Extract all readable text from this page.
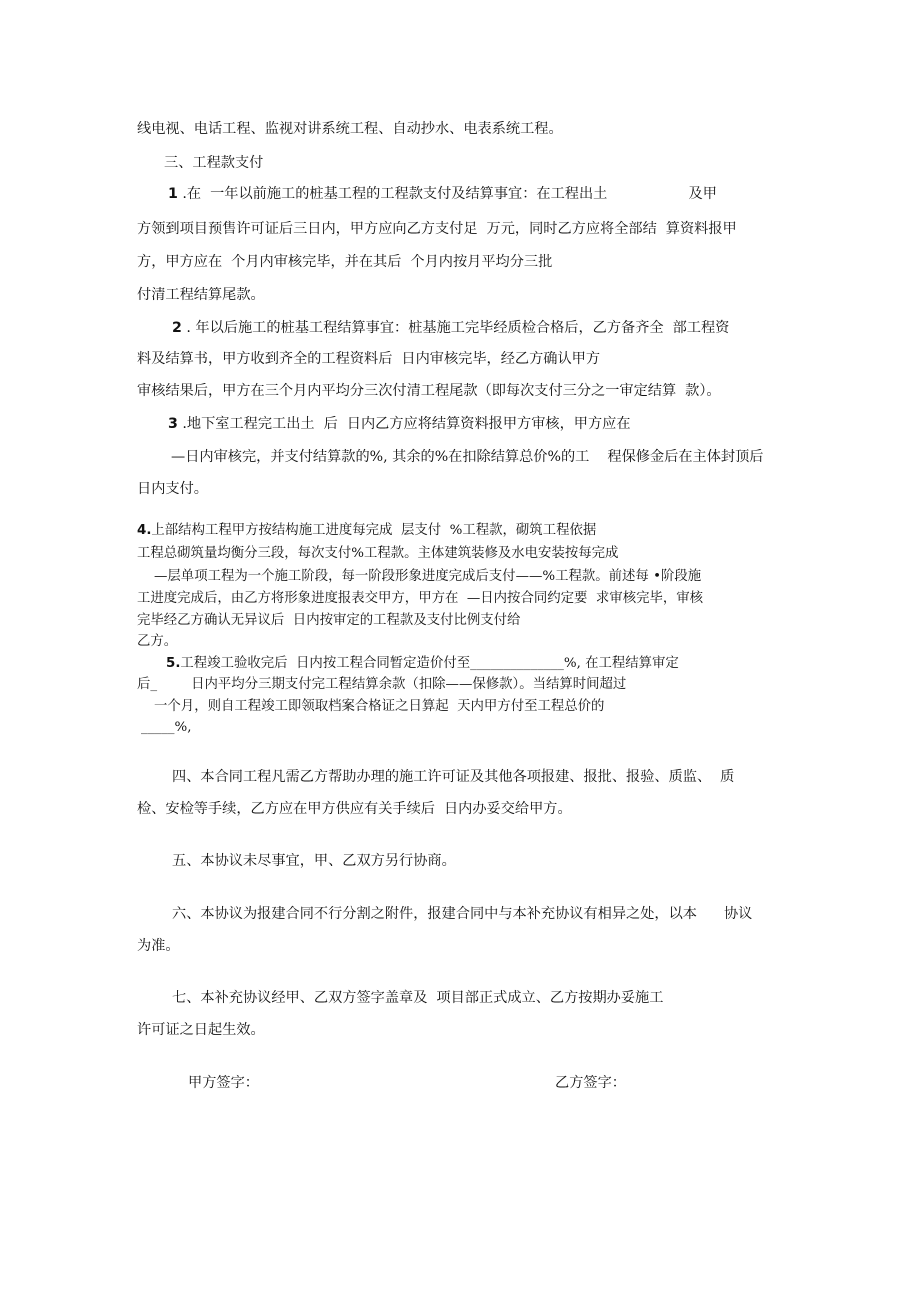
线电视、电话工程、监视对讲系统工程、自动抄水、电表系统工程。
三、工程款支付
1 .在  一年以前施工的桩基工程的工程款支付及结算事宜：在工程出土                  及甲
方领到项目预售许可证后三日内，甲方应向乙方支付足  万元，同时乙方应将全部结  算资料报甲
方，甲方应在  个月内审核完毕，并在其后  个月内按月平均分三批
付清工程结算尾款。
2 . 年以后施工的桩基工程结算事宜：桩基施工完毕经质检合格后，乙方备齐全  部工程资
料及结算书，甲方收到齐全的工程资料后  日内审核完毕，经乙方确认甲方
审核结果后，甲方在三个月内平均分三次付清工程尾款（即每次支付三分之一审定结算  款）。
3 .地下室工程完工出土  后  日内乙方应将结算资料报甲方审核，甲方应在
—日内审核完，并支付结算款的%, 其余的%在扣除结算总价%的工    程保修金后在主体封顶后
日内支付。
4.上部结构工程甲方按结构施工进度每完成  层支付  %工程款，砌筑工程依据
工程总砌筑量均衡分三段，每次支付%工程款。主体建筑装修及水电安装按每完成
—层单项工程为一个施工阶段，每一阶段形象进度完成后支付——%工程款。前述每 •阶段施
工进度完成后，由乙方将形象进度报表交甲方，甲方在  —日内按合同约定要  求审核完毕，审核
完毕经乙方确认无异议后  日内按审定的工程款及支付比例支付给
乙方。
5.工程竣工验收完后  日内按工程合同暂定造价付至______________%, 在工程结算审定
后_        日内平均分三期支付完工程结算余款（扣除——保修款）。当结算时间超过
一个月，则自工程竣工即领取档案合格证之日算起  天内甲方付至工程总价的
_____%,
四、本合同工程凡需乙方帮助办理的施工许可证及其他各项报建、报批、报验、质监、  质
检、安检等手续，乙方应在甲方供应有关手续后  日内办妥交给甲方。
五、本协议未尽事宜，甲、乙双方另行协商。
六、本协议为报建合同不行分割之附件，报建合同中与本补充协议有相异之处，以本      协议
为准。
七、本补充协议经甲、乙双方签字盖章及  项目部正式成立、乙方按期办妥施工
许可证之日起生效。
甲方签字：	乙方签字：
